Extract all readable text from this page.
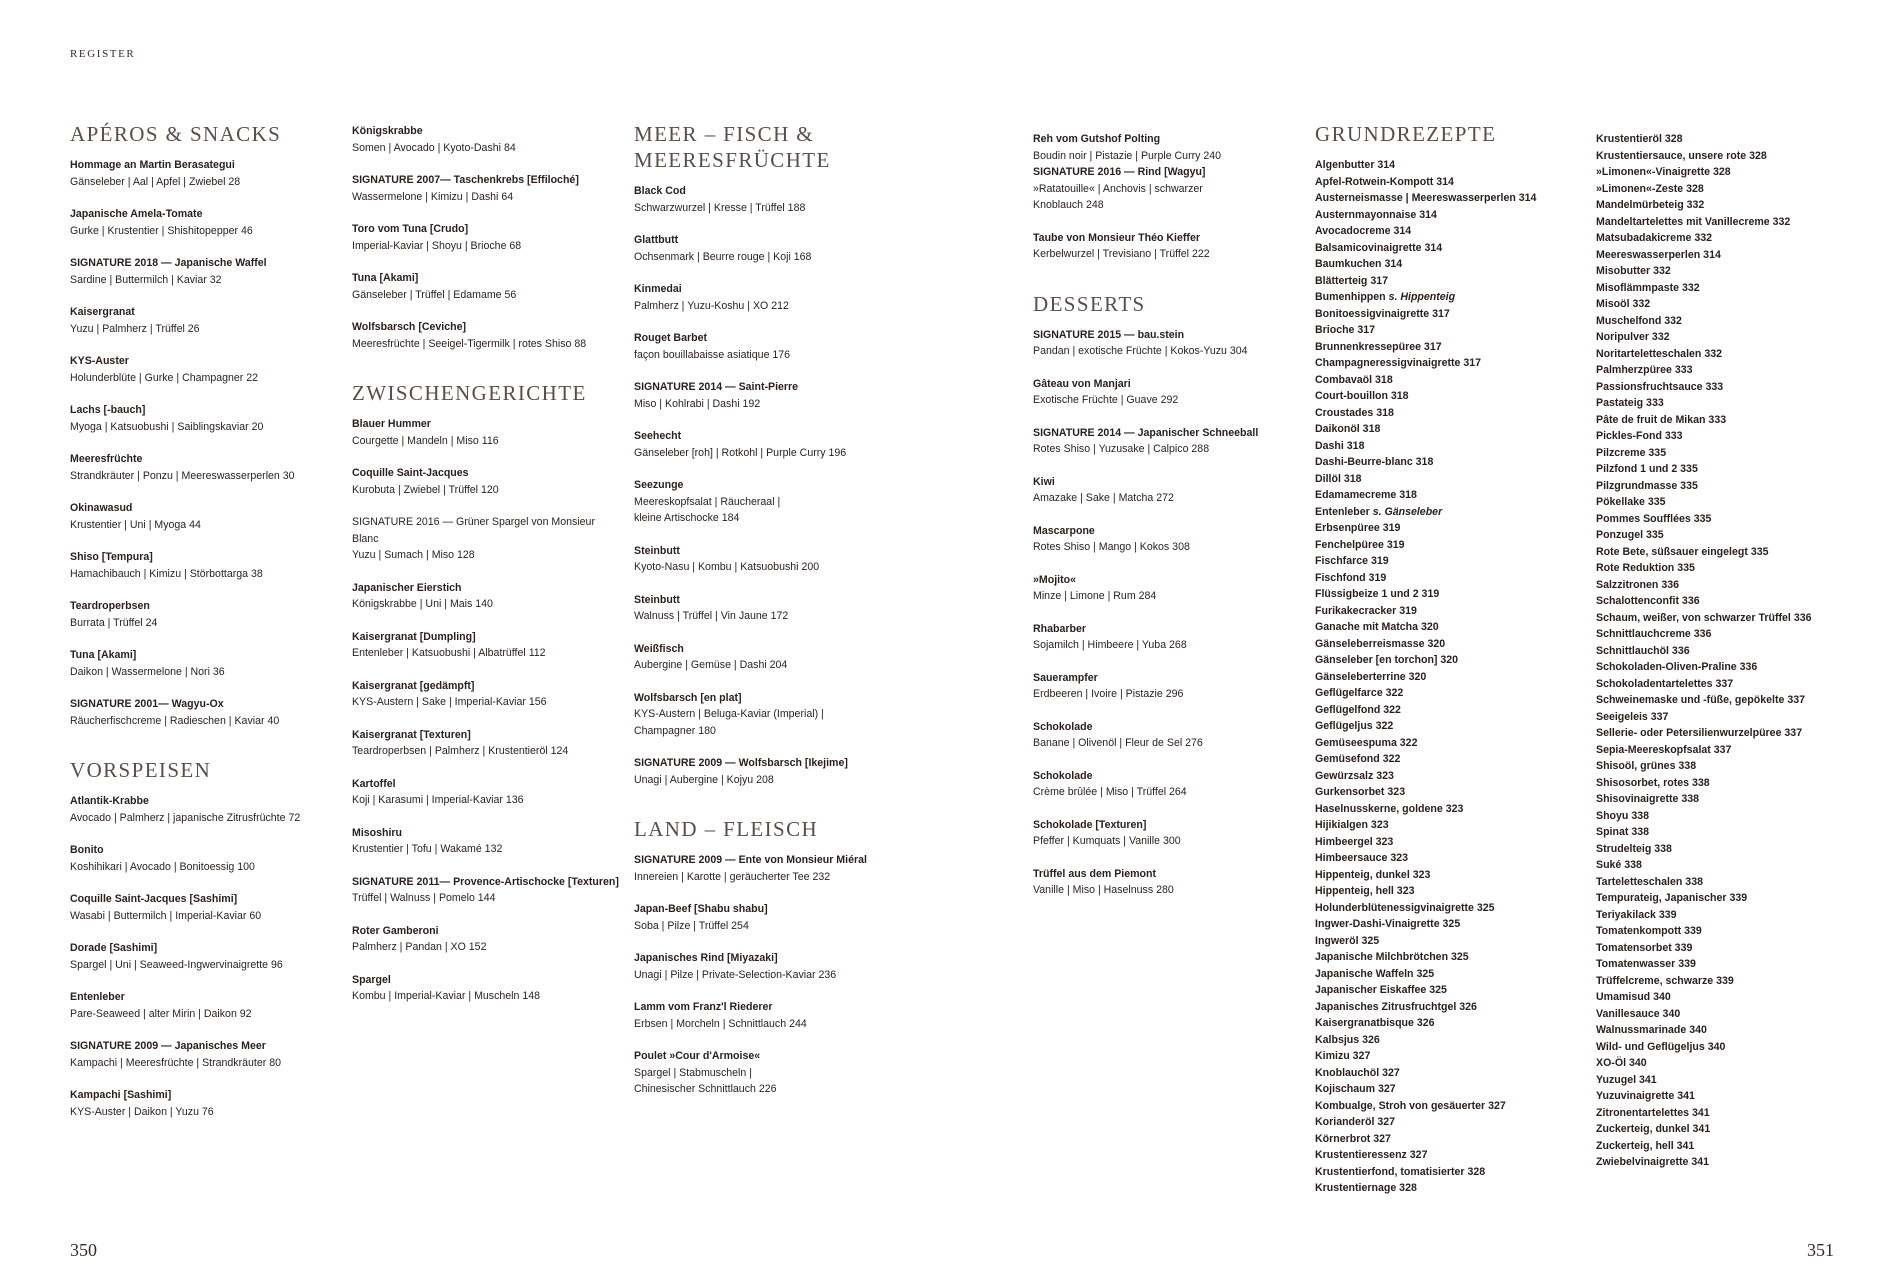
REGISTER
APÉROS & SNACKS
Hommage an Martin Berasategui
Gänseleber | Aal | Apfel | Zwiebel 28
Japanische Amela-Tomate
Gurke | Krustentier | Shishitopepper 46
SIGNATURE 2018 — Japanische Waffel
Sardine | Buttermilch | Kaviar 32
Kaisergranat
Yuzu | Palmherz | Trüffel 26
KYS-Auster
Holunderblüte | Gurke | Champagner 22
Lachs [-bauch]
Myoga | Katsuobushi | Saiblingskaviar 20
Meeresfrüchte
Strandkräuter | Ponzu | Meereswasserperlen 30
Okinawasud
Krustentier | Uni | Myoga 44
Shiso [Tempura]
Hamachibauch | Kimizu | Störbottarga 38
Teardroperbsen
Burrata | Trüffel 24
Tuna [Akami]
Daikon | Wassermelone | Nori 36
SIGNATURE 2001— Wagyu-Ox
Räucherfischcreme | Radieschen | Kaviar 40
VORSPEISEN
Atlantik-Krabbe
Avocado | Palmherz | japanische Zitrusfrüchte 72
Bonito
Koshihikari | Avocado | Bonitoessig 100
Coquille Saint-Jacques [Sashimi]
Wasabi | Buttermilch | Imperial-Kaviar 60
Dorade [Sashimi]
Spargel | Uni | Seaweed-Ingwervinaigrette 96
Entenleber
Pare-Seaweed | alter Mirin | Daikon 92
SIGNATURE 2009 — Japanisches Meer
Kampachi | Meeresfrüchte | Strandkräuter 80
Kampachi [Sashimi]
KYS-Auster | Daikon | Yuzu 76
Königskrabbe
Somen | Avocado | Kyoto-Dashi 84
SIGNATURE 2007— Taschenkrebs [Effiloché]
Wassermelone | Kimizu | Dashi 64
Toro vom Tuna [Crudo]
Imperial-Kaviar | Shoyu | Brioche 68
Tuna [Akami]
Gänseleber | Trüffel | Edamame 56
Wolfsbarsch [Ceviche]
Meeresfrüchte | Seeigel-Tigermilk | rotes Shiso 88
ZWISCHENGERICHTE
Blauer Hummer
Courgette | Mandeln | Miso 116
Coquille Saint-Jacques
Kurobuta | Zwiebel | Trüffel 120
SIGNATURE 2016 — Grüner Spargel von Monsieur Blanc
Yuzu | Sumach | Miso 128
Japanischer Eierstich
Königskrabbe | Uni | Mais 140
Kaisergranat [Dumpling]
Entenleber | Katsuobushi | Albatrüffel 112
Kaisergranat [gedämpft]
KYS-Austern | Sake | Imperial-Kaviar 156
Kaisergranat [Texturen]
Teardroperbsen | Palmherz | Krustentieröl 124
Kartoffel
Koji | Karasumi | Imperial-Kaviar 136
Misoshiru
Krustentier | Tofu | Wakamé 132
SIGNATURE 2011— Provence-Artischocke [Texturen]
Trüffel | Walnuss | Pomelo 144
Roter Gamberoni
Palmherz | Pandan | XO 152
Spargel
Kombu | Imperial-Kaviar | Muscheln 148
MEER – FISCH & MEERESFRÜCHTE
Black Cod
Schwarzwurzel | Kresse | Trüffel 188
Glattbutt
Ochsenmark | Beurre rouge | Koji 168
Kinmedai
Palmherz | Yuzu-Koshu | XO 212
Rouget Barbet
façon bouillabaisse asiatique 176
SIGNATURE 2014 — Saint-Pierre
Miso | Kohlrabi | Dashi 192
Seehecht
Gänseleber [roh] | Rotkohl | Purple Curry 196
Seezunge
Meereskopfsalat | Räucheraal |
kleine Artischocke 184
Steinbutt
Kyoto-Nasu | Kombu | Katsuobushi 200
Steinbutt
Walnuss | Trüffel | Vin Jaune 172
Weißfisch
Aubergine | Gemüse | Dashi 204
Wolfsbarsch [en plat]
KYS-Austern | Beluga-Kaviar (Imperial) |
Champagner 180
SIGNATURE 2009 — Wolfsbarsch [Ikejime]
Unagi | Aubergine | Kojyu 208
LAND – FLEISCH
SIGNATURE 2009 — Ente von Monsieur Miéral
Innereien | Karotte | geräucherter Tee 232
Japan-Beef [Shabu shabu]
Soba | Pilze | Trüffel 254
Japanisches Rind [Miyazaki]
Unagi | Pilze | Private-Selection-Kaviar 236
Lamm vom Franz'l Riederer
Erbsen | Morcheln | Schnittlauch 244
Poulet »Cour d'Armoise«
Spargel | Stabmuscheln |
Chinesischer Schnittlauch 226
Reh vom Gutshof Polting
Boudin noir | Pistazie | Purple Curry 240
SIGNATURE 2016 — Rind [Wagyu]
»Ratatouille« | Anchovis | schwarzer
Knoblauch 248
Taube von Monsieur Théo Kieffer
Kerbelwurzel | Trevisiano | Trüffel 222
DESSERTS
SIGNATURE 2015 — bau.stein
Pandan | exotische Früchte | Kokos-Yuzu 304
Gâteau von Manjari
Exotische Früchte | Guave 292
SIGNATURE 2014 — Japanischer Schneeball
Rotes Shiso | Yuzusake | Calpico 288
Kiwi
Amazake | Sake | Matcha 272
Mascarpone
Rotes Shiso | Mango | Kokos 308
»Mojito«
Minze | Limone | Rum 284
Rhabarber
Sojamilch | Himbeere | Yuba 268
Sauerampfer
Erdbeeren | Ivoire | Pistazie 296
Schokolade
Banane | Olivenöl | Fleur de Sel 276
Schokolade
Crème brûlée | Miso | Trüffel 264
Schokolade [Texturen]
Pfeffer | Kumquats | Vanille 300
Trüffel aus dem Piemont
Vanille | Miso | Haselnuss 280
GRUNDREZEPTE
Algenbutter 314
Apfel-Rotwein-Kompott 314
Austerneismasse | Meereswasserperlen 314
Austernmayonnaise 314
Avocadocreme 314
Balsamicovinaigrette 314
Baumkuchen 314
Blätterteig 317
Bumenhippen s. Hippenteig
Bonitoessigvinaigrette 317
Brioche 317
Brunnenkressepüree 317
Champagneressigvinaigrette 317
Combavaöl 318
Court-bouillon 318
Croustades 318
Daikonöl 318
Dashi 318
Dashi-Beurre-blanc 318
Dillöl 318
Edamamecreme 318
Entenleber s. Gänseleber
Erbsenpüree 319
Fenchelpüree 319
Fischfarce 319
Fischfond 319
Flüssigbeize 1 und 2 319
Furikakecracker 319
Ganache mit Matcha 320
Gänseleberreismasse 320
Gänseleber [en torchon] 320
Gänseleberterrine 320
Geflügelfarce 322
Geflügelfond 322
Geflügeljus 322
Gemüseespuma 322
Gemüsefond 322
Gewürzsalz 323
Gurkensorbet 323
Haselnusskerne, goldene 323
Hijikialgen 323
Himbeergel 323
Himbeersauce 323
Hippenteig, dunkel 323
Hippenteig, hell 323
Holunderblütenessigvinaigrette 325
Ingwer-Dashi-Vinaigrette 325
Ingweröl 325
Japanische Milchbrötchen 325
Japanische Waffeln 325
Japanischer Eiskaffee 325
Japanisches Zitrusfruchtgel 326
Kaisergranatbisque 326
Kalbsjus 326
Kimizu 327
Knoblauchöl 327
Kojischaum 327
Kombualge, Stroh von gesäuerter 327
Korianderöl 327
Körnerbrot 327
Krustentieressenz 327
Krustentierfond, tomatisierter 328
Krustentiernage 328
Krustentieröl 328
Krustentiersauce, unsere rote 328
»Limonen«-Vinaigrette 328
»Limonen«-Zeste 328
Mandelmürbeteig 332
Mandeltartelettes mit Vanillecreme 332
Matsubadakicreme 332
Meereswasserperlen 314
Misobutter 332
Misoflämmpaste 332
Misoöl 332
Muschelfond 332
Noripulver 332
Noritarteletteschalen 332
Palmherzpüree 333
Passionsfruchtsauce 333
Pastateig 333
Pâte de fruit de Mikan 333
Pickles-Fond 333
Pilzcreme 335
Pilzfond 1 und 2 335
Pilzgrundmasse 335
Pökellake 335
Pommes Soufflées 335
Ponzugel 335
Rote Bete, süßsauer eingelegt 335
Rote Reduktion 335
Salzzitronen 336
Schalottenconfit 336
Schaum, weißer, von schwarzer Trüffel 336
Schnittlauchcreme 336
Schnittlauchöl 336
Schokoladen-Oliven-Praline 336
Schokoladentartelettes 337
Schweinemaske und -füße, gepökelte 337
Seeigeleis 337
Sellerie- oder Petersilienwurzelpüree 337
Sepia-Meereskopfsalat 337
Shisoöl, grünes 338
Shisosorbet, rotes 338
Shisovinaigrette 338
Shoyu 338
Spinat 338
Strudelteig 338
Suké 338
Tarteletteschalen 338
Tempurateig, Japanischer 339
Teriyakilack 339
Tomatenkompott 339
Tomatensorbet 339
Tomatenwasser 339
Trüffelcreme, schwarze 339
Umamisud 340
Vanillesauce 340
Walnussmarinade 340
Wild- und Geflügeljus 340
XO-Öl 340
Yuzugel 341
Yuzuvinaigrette 341
Zitronentartelettes 341
Zuckerteig, dunkel 341
Zuckerteig, hell 341
Zwiebelvinaigrette 341
350	351
